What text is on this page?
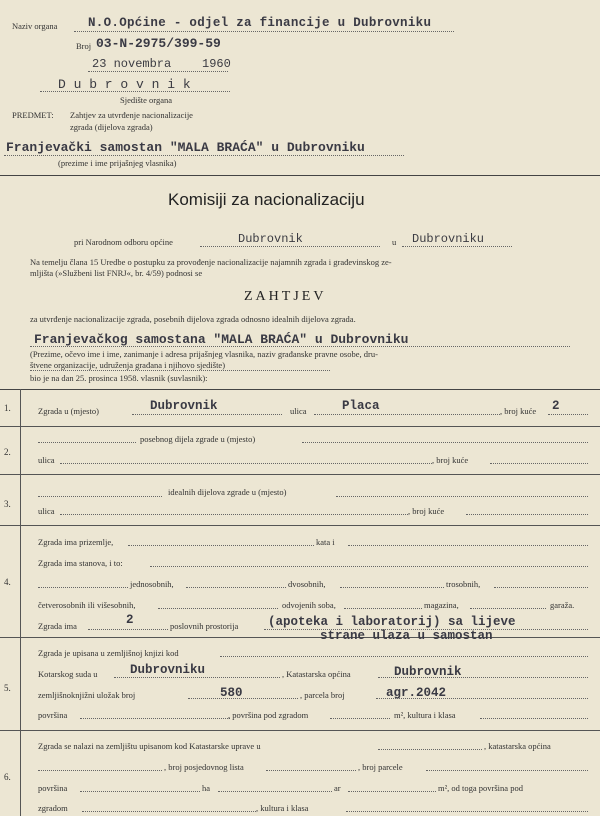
Naziv organa N.O.Općine - odjel za financije u Dubrovniku
Broj 03-N-2975/399-59
23 novembra	1960
D u b r o v n i k
Sjedište organa
PREDMET: Zahtjev za utvrđenje nacionalizacije
zgrada (dijelova zgrada)
Franjevački samostan "MALA BRAĆA" u Dubrovniku
(prezime i ime prijašnjeg vlasnika)
Komisiji za nacionalizaciju
pri Narodnom odboru općine	Dubrovnik	u Dubrovniku
Na temelju člana 15 Uredbe o postupku za provođenje nacionalizacije najamnih zgrada i građevinskog ze-
mljišta (»Službeni list FNRJ«, br. 4/59) podnosi se
ZAHTJEV
za utvrđenje nacionalizacije zgrada, posebnih dijelova zgrada odnosno idealnih dijelova zgrada.
Franjevačkog samostana "MALA BRAĆA" u Dubrovniku
(Prezime, očevo ime i ime, zanimanje i adresa prijašnjeg vlasnika, naziv građanske pravne osobe, dru-
štvene organizacije, udruženja građana i njihovo sjedište)
bio je na dan 25. prosinca 1958. vlasnik (suvlasnik):
1.	Zgrada u (mjesto)	Dubrovnik	ulica	Placa	, broj kuće 2
posebnog dijela zgrade u (mjesto)
2.
ulica	, broj kuće
idealnih dijelova zgrade u (mjesto)
3.
ulica	, broj kuće
Zgrada ima prizemlje,	kata i
Zgrada ima stanova, i to:
4.	jednosobnih,	dvosobnih,	trosobnih,
četverosobnih ili višesobnih,	odvojenih soba,	magazina,	garaža.
Zgrada ima	2	poslovnih prostorija (apoteka i laboratorij) sa lijeve
strane ulaza u samostan
Zgrada je upisana u zemljišnoj knjizi kod
Kotarskog suda u	Dubrovniku	, Katastarska općina	Dubrovnik
5.
zemljišnoknjižni uložak broj	580	, parcela broj	agr.2042
površina	, površina pod zgradom	m², kultura i klasa
Zgrada se nalazi na zemljištu upisanom kod Katastarske uprave u	, katastarska općina
, broj posjedovnog lista	, broj parcele
6.
površina	ha	ar	m², od toga površina pod
zgradom	, kultura i klasa
